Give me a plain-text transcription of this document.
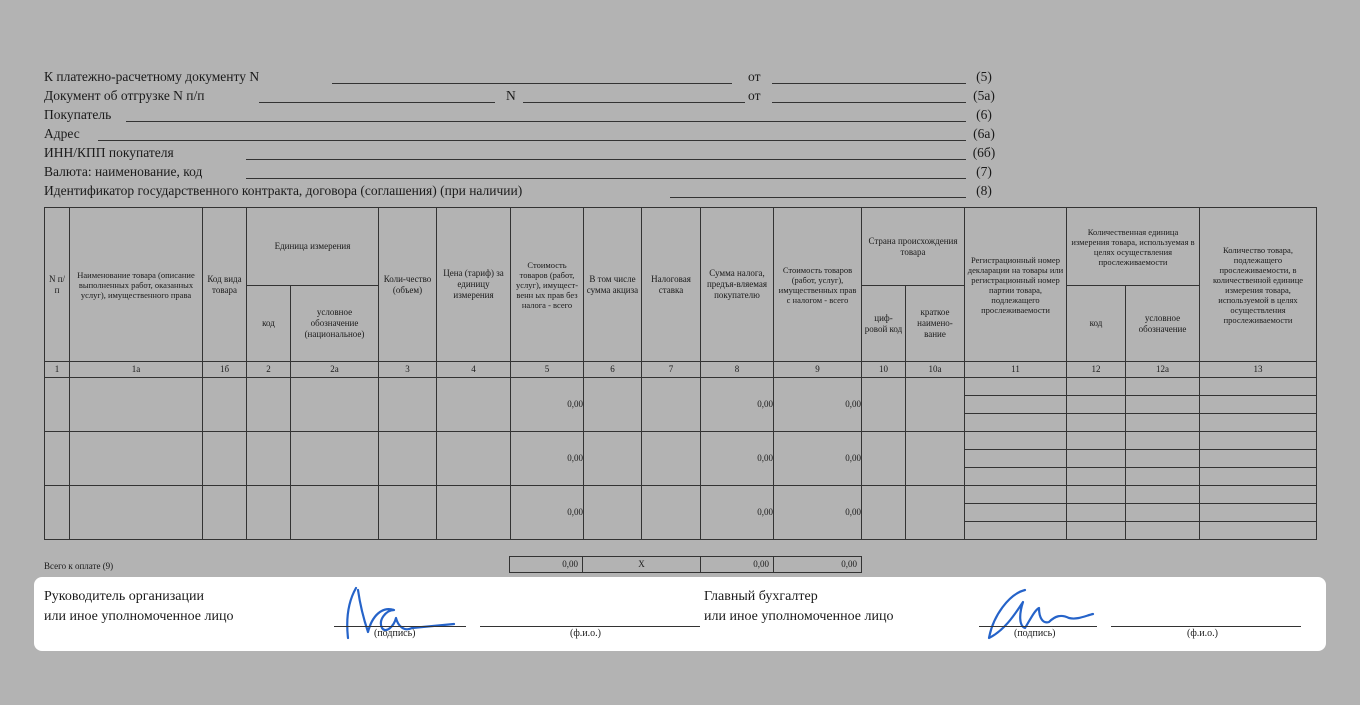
К платежно-расчетному документу N	от	(5)
Документ об отгрузке N п/п	N	от	(5а)
Покупатель	(6)
Адрес	(6а)
ИНН/КПП покупателя	(6б)
Валюта: наименование, код	(7)
Идентификатор государственного контракта, договора (соглашения) (при наличии)	(8)
N п/п	Наименование товара (описание выполненных работ, оказанных услуг), имущественного права	Код вида товара	Единица измерения		Коли-чество (объем)	Цена (тариф) за единицу измерения	Стоимость товаров (работ, услуг), имущест-венн ых прав без налога - всего	В том числе сумма акциза	Налоговая ставка	Сумма налога, предъя-вляемая покупателю	Стоимость товаров (работ, услуг), имущественных прав с налогом - всего	Страна происхождения товара		Регистрационный номер декларации на товары или регистрационный номер партии товара, подлежащего прослеживаемости	Количественная единица измерения товара, используемая в целях осуществления прослеживаемости		Количество товара, подлежащего прослеживаемости, в количественной единице измерения товара, используемой в целях осуществления прослеживаемости
			код	условное обозначение (национальное)								циф-ровой код	краткое наимено-вание		код	условное обозначение	
1	1а	1б	2	2а	3	4	5	6	7	8	9	10	10а	11	12	12а	13
							0,00			0,00	0,00						

							0,00			0,00	0,00						

							0,00			0,00	0,00						

Всего к оплате (9)	0,00	X	0,00	0,00
Руководитель организации
или иное уполномоченное лицо
(подпись)	(ф.и.о.)
Главный бухгалтер
или иное уполномоченное лицо
(подпись)	(ф.и.о.)
